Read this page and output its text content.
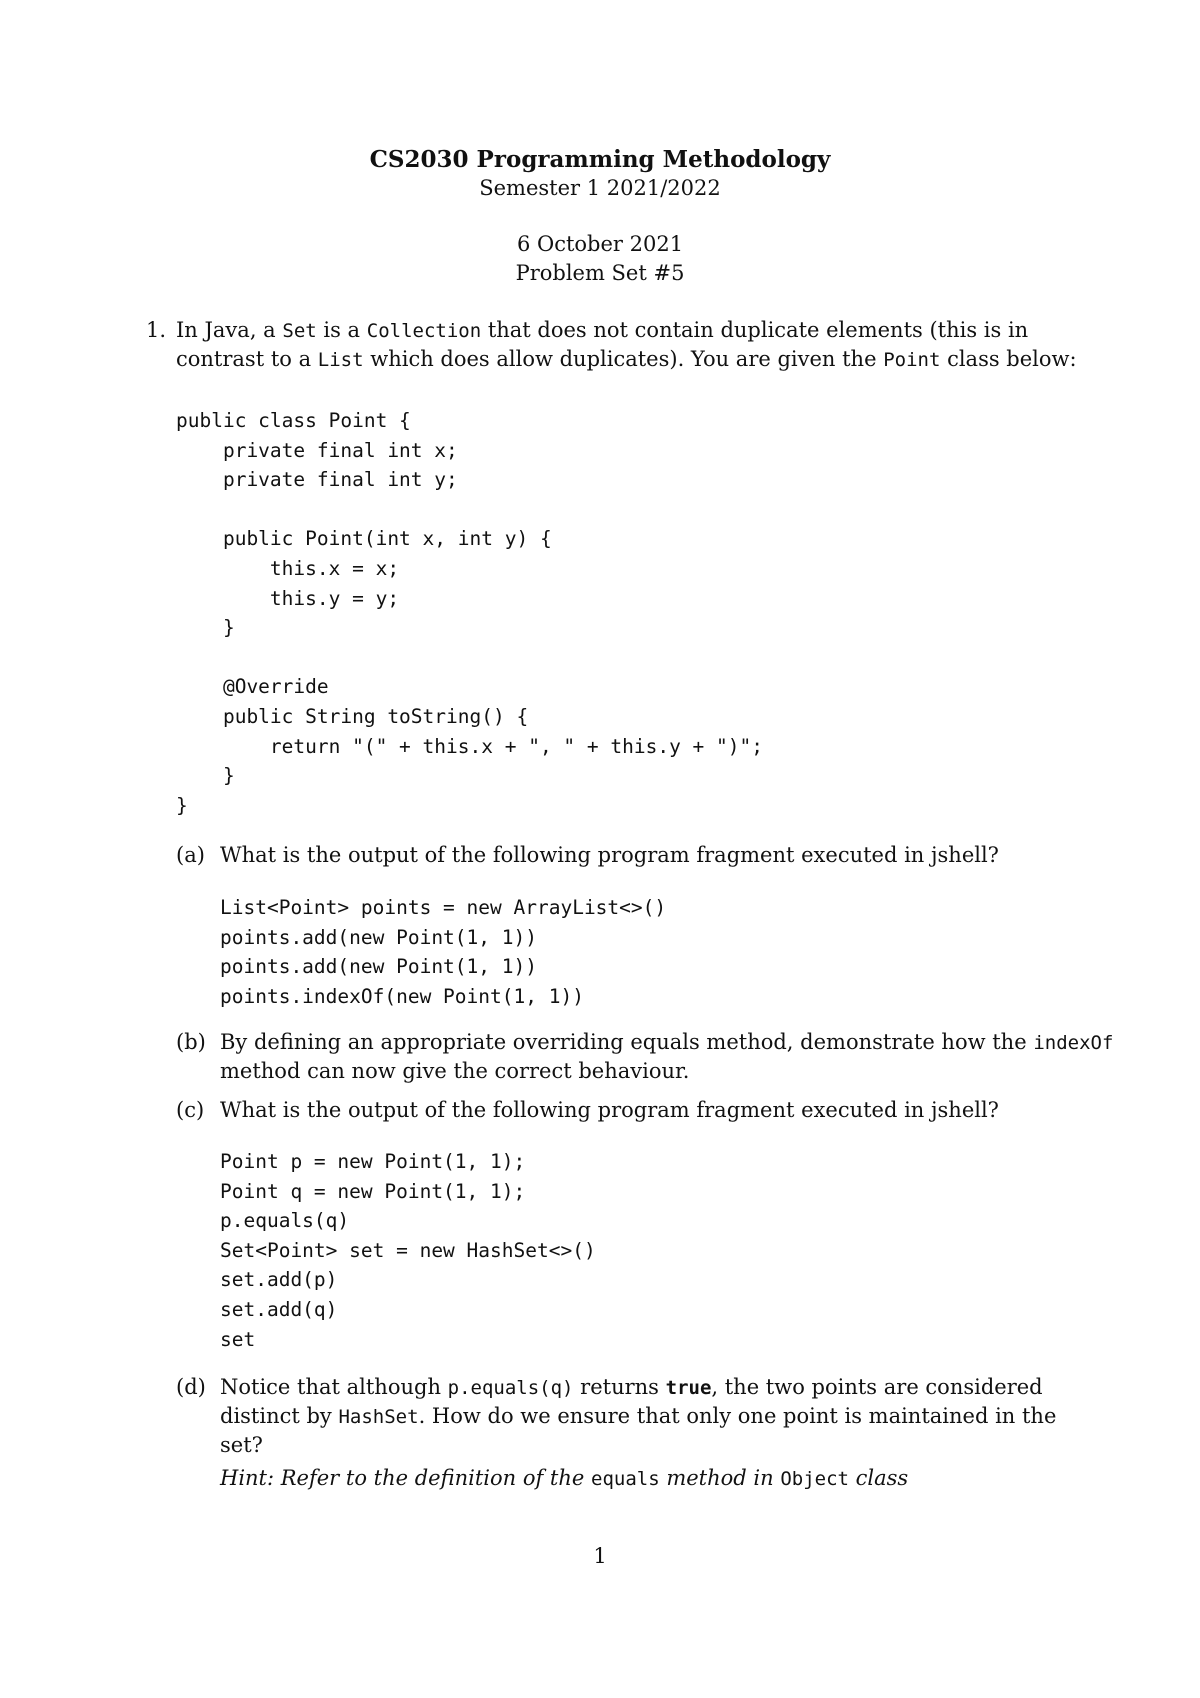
CS2030 Programming Methodology
Semester 1 2021/2022
6 October 2021
Problem Set #5
1. In Java, a Set is a Collection that does not contain duplicate elements (this is in
contrast to a List which does allow duplicates). You are given the Point class below:
public class Point {
private final int x;
private final int y;

public Point(int x, int y) {
this.x = x;
this.y = y;
}

@Override
public String toString() {
return "(" + this.x + ", " + this.y + ")";
}
}
(a) What is the output of the following program fragment executed in jshell?
List<Point> points = new ArrayList<>()
points.add(new Point(1, 1))
points.add(new Point(1, 1))
points.indexOf(new Point(1, 1))
(b) By defining an appropriate overriding equals method, demonstrate how the indexOf
method can now give the correct behaviour.
(c) What is the output of the following program fragment executed in jshell?
Point p = new Point(1, 1);
Point q = new Point(1, 1);
p.equals(q)
Set<Point> set = new HashSet<>()
set.add(p)
set.add(q)
set
(d) Notice that although p.equals(q) returns true, the two points are considered
distinct by HashSet. How do we ensure that only one point is maintained in the
set?
Hint: Refer to the definition of the equals method in Object class
1
